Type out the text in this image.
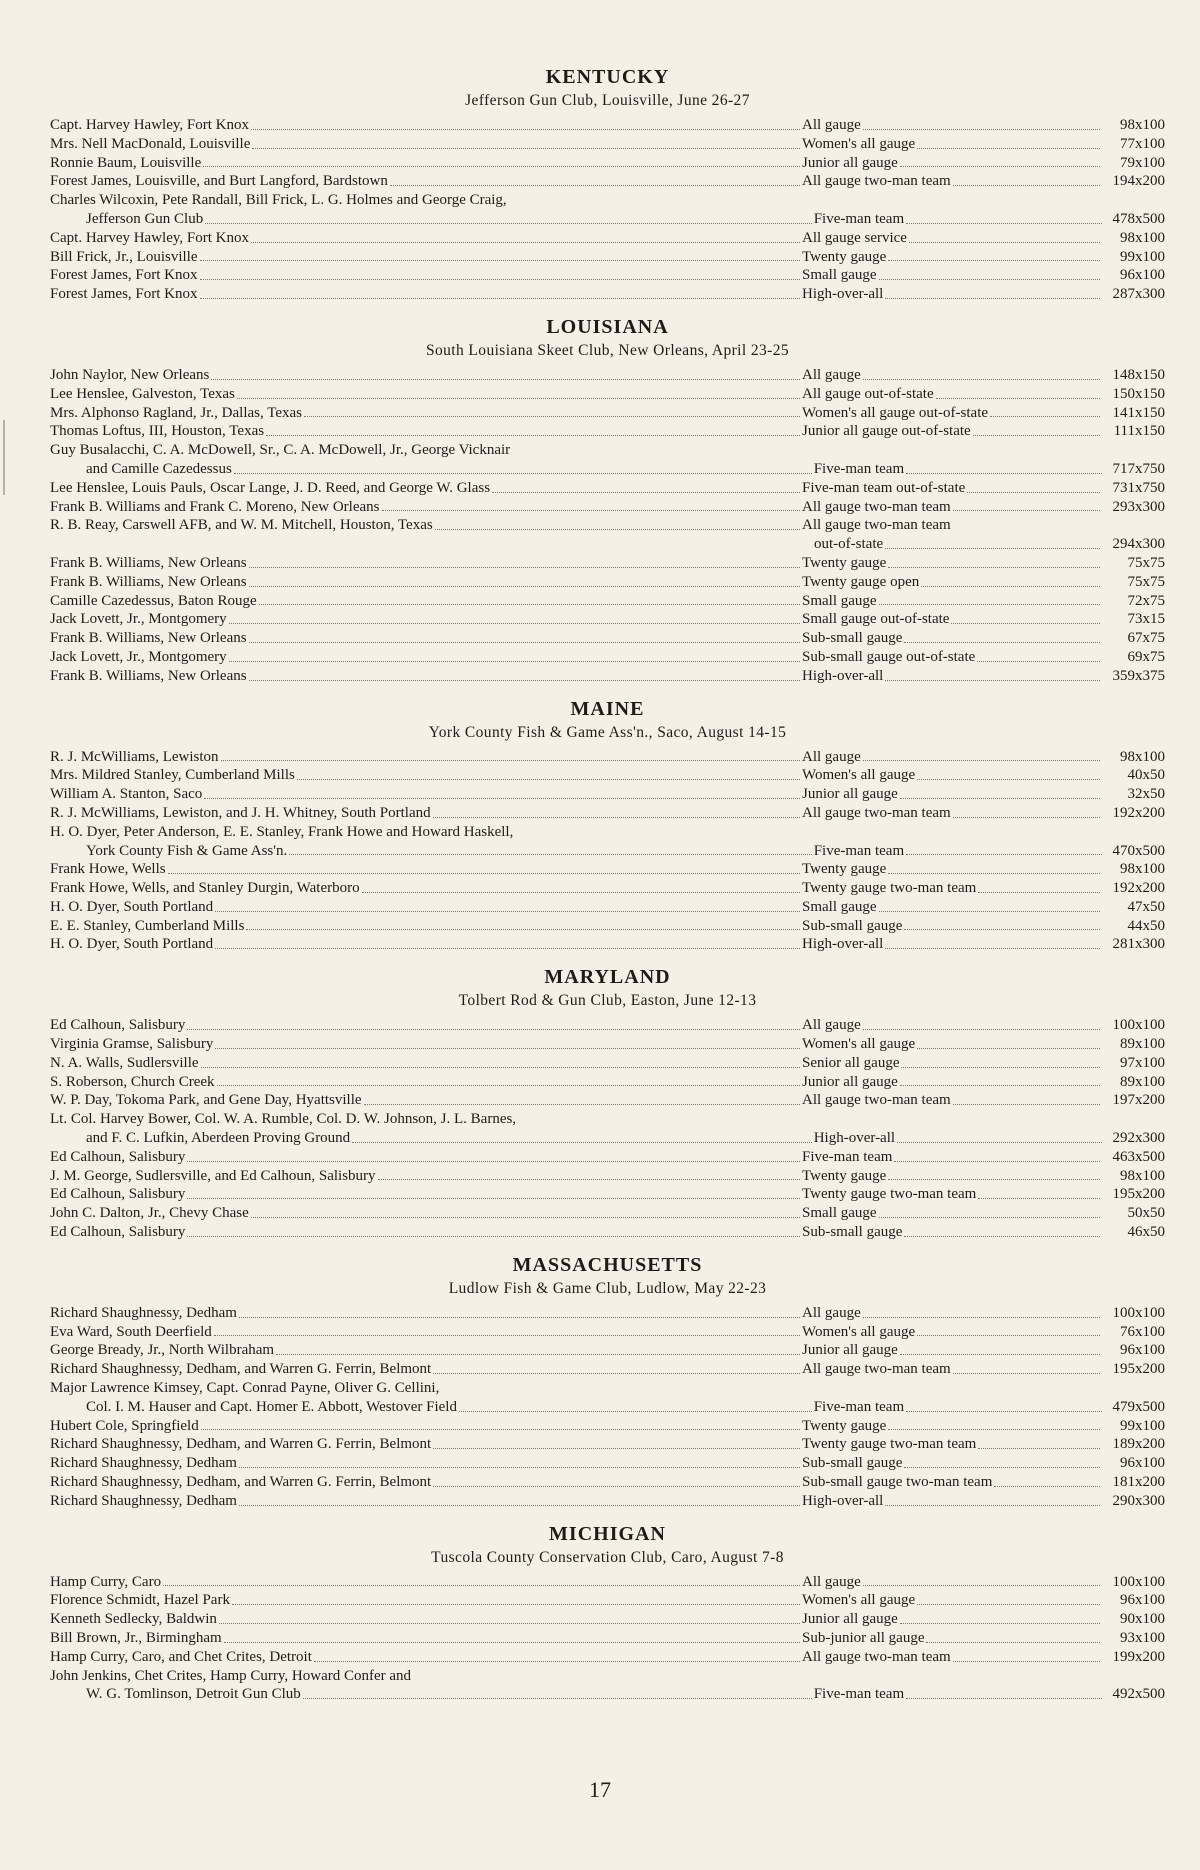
KENTUCKY
Jefferson Gun Club, Louisville, June 26-27
Capt. Harvey Hawley, Fort Knox	All gauge	98x100
Mrs. Nell MacDonald, Louisville	Women's all gauge	77x100
Ronnie Baum, Louisville	Junior all gauge	79x100
Forest James, Louisville, and Burt Langford, Bardstown	All gauge two-man team	194x200
Charles Wilcoxin, Pete Randall, Bill Frick, L. G. Holmes and George Craig,
Jefferson Gun Club	Five-man team	478x500
Capt. Harvey Hawley, Fort Knox	All gauge service	98x100
Bill Frick, Jr., Louisville	Twenty gauge	99x100
Forest James, Fort Knox	Small gauge	96x100
Forest James, Fort Knox	High-over-all	287x300
LOUISIANA
South Louisiana Skeet Club, New Orleans, April 23-25
John Naylor, New Orleans	All gauge	148x150
Lee Henslee, Galveston, Texas	All gauge out-of-state	150x150
Mrs. Alphonso Ragland, Jr., Dallas, Texas	Women's all gauge out-of-state	141x150
Thomas Loftus, III, Houston, Texas	Junior all gauge out-of-state	111x150
Guy Busalacchi, C. A. McDowell, Sr., C. A. McDowell, Jr., George Vicknair
and Camille Cazedessus	Five-man team	717x750
Lee Henslee, Louis Pauls, Oscar Lange, J. D. Reed, and George W. Glass	Five-man team out-of-state	731x750
Frank B. Williams and Frank C. Moreno, New Orleans	All gauge two-man team	293x300
R. B. Reay, Carswell AFB, and W. M. Mitchell, Houston, Texas	All gauge two-man team
out-of-state	294x300
Frank B. Williams, New Orleans	Twenty gauge	75x75
Frank B. Williams, New Orleans	Twenty gauge open	75x75
Camille Cazedessus, Baton Rouge	Small gauge	72x75
Jack Lovett, Jr., Montgomery	Small gauge out-of-state	73x15
Frank B. Williams, New Orleans	Sub-small gauge	67x75
Jack Lovett, Jr., Montgomery	Sub-small gauge out-of-state	69x75
Frank B. Williams, New Orleans	High-over-all	359x375
MAINE
York County Fish & Game Ass'n., Saco, August 14-15
R. J. McWilliams, Lewiston	All gauge	98x100
Mrs. Mildred Stanley, Cumberland Mills	Women's all gauge	40x50
William A. Stanton, Saco	Junior all gauge	32x50
R. J. McWilliams, Lewiston, and J. H. Whitney, South Portland	All gauge two-man team	192x200
H. O. Dyer, Peter Anderson, E. E. Stanley, Frank Howe and Howard Haskell,
York County Fish & Game Ass'n.	Five-man team	470x500
Frank Howe, Wells	Twenty gauge	98x100
Frank Howe, Wells, and Stanley Durgin, Waterboro	Twenty gauge two-man team	192x200
H. O. Dyer, South Portland	Small gauge	47x50
E. E. Stanley, Cumberland Mills	Sub-small gauge	44x50
H. O. Dyer, South Portland	High-over-all	281x300
MARYLAND
Tolbert Rod & Gun Club, Easton, June 12-13
Ed Calhoun, Salisbury	All gauge	100x100
Virginia Gramse, Salisbury	Women's all gauge	89x100
N. A. Walls, Sudlersville	Senior all gauge	97x100
S. Roberson, Church Creek	Junior all gauge	89x100
W. P. Day, Tokoma Park, and Gene Day, Hyattsville	All gauge two-man team	197x200
Lt. Col. Harvey Bower, Col. W. A. Rumble, Col. D. W. Johnson, J. L. Barnes,
and F. C. Lufkin, Aberdeen Proving Ground	High-over-all	292x300
Ed Calhoun, Salisbury	Five-man team	463x500
J. M. George, Sudlersville, and Ed Calhoun, Salisbury	Twenty gauge	98x100
Ed Calhoun, Salisbury	Twenty gauge two-man team	195x200
John C. Dalton, Jr., Chevy Chase	Small gauge	50x50
Ed Calhoun, Salisbury	Sub-small gauge	46x50
MASSACHUSETTS
Ludlow Fish & Game Club, Ludlow, May 22-23
Richard Shaughnessy, Dedham	All gauge	100x100
Eva Ward, South Deerfield	Women's all gauge	76x100
George Bready, Jr., North Wilbraham	Junior all gauge	96x100
Richard Shaughnessy, Dedham, and Warren G. Ferrin, Belmont	All gauge two-man team	195x200
Major Lawrence Kimsey, Capt. Conrad Payne, Oliver G. Cellini,
Col. I. M. Hauser and Capt. Homer E. Abbott, Westover Field	Five-man team	479x500
Hubert Cole, Springfield	Twenty gauge	99x100
Richard Shaughnessy, Dedham, and Warren G. Ferrin, Belmont	Twenty gauge two-man team	189x200
Richard Shaughnessy, Dedham	Sub-small gauge	96x100
Richard Shaughnessy, Dedham, and Warren G. Ferrin, Belmont	Sub-small gauge two-man team	181x200
Richard Shaughnessy, Dedham	High-over-all	290x300
MICHIGAN
Tuscola County Conservation Club, Caro, August 7-8
Hamp Curry, Caro	All gauge	100x100
Florence Schmidt, Hazel Park	Women's all gauge	96x100
Kenneth Sedlecky, Baldwin	Junior all gauge	90x100
Bill Brown, Jr., Birmingham	Sub-junior all gauge	93x100
Hamp Curry, Caro, and Chet Crites, Detroit	All gauge two-man team	199x200
John Jenkins, Chet Crites, Hamp Curry, Howard Confer and
W. G. Tomlinson, Detroit Gun Club	Five-man team	492x500
17
